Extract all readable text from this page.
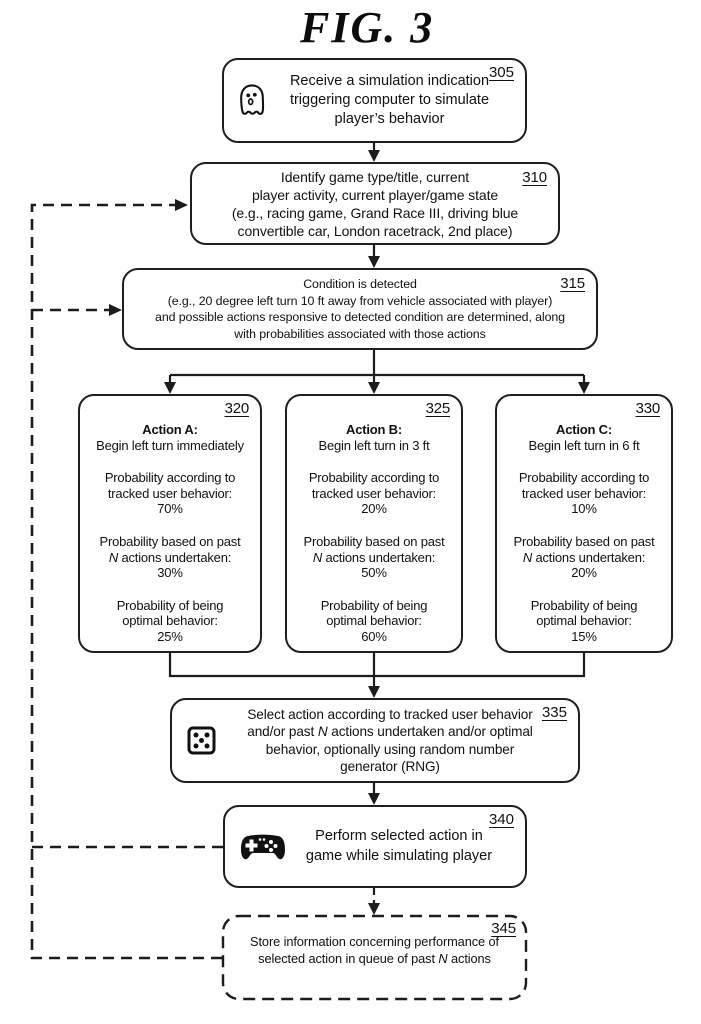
FIG. 3
305
Receive a simulation indication
triggering computer to simulate
player’s behavior
310
Identify game type/title, current
player activity, current player/game state
(e.g., racing game, Grand Race III, driving blue
convertible car, London racetrack, 2nd place)
315
Condition is detected
(e.g., 20 degree left turn 10 ft away from vehicle associated with player)
and possible actions responsive to detected condition are determined, along
with probabilities associated with those actions
320
Action A:
Begin left turn immediately
Probability according to
tracked user behavior:
70%
Probability based on past
N actions undertaken:
30%
Probability of being
optimal behavior:
25%
325
Action B:
Begin left turn in 3 ft
Probability according to
tracked user behavior:
20%
Probability based on past
N actions undertaken:
50%
Probability of being
optimal behavior:
60%
330
Action C:
Begin left turn in 6 ft
Probability according to
tracked user behavior:
10%
Probability based on past
N actions undertaken:
20%
Probability of being
optimal behavior:
15%
335
Select action according to tracked user behavior
and/or past N actions undertaken and/or optimal
behavior, optionally using random number
generator (RNG)
340
Perform selected action in
game while simulating player
345
Store information concerning performance of
selected action in queue of past N actions
